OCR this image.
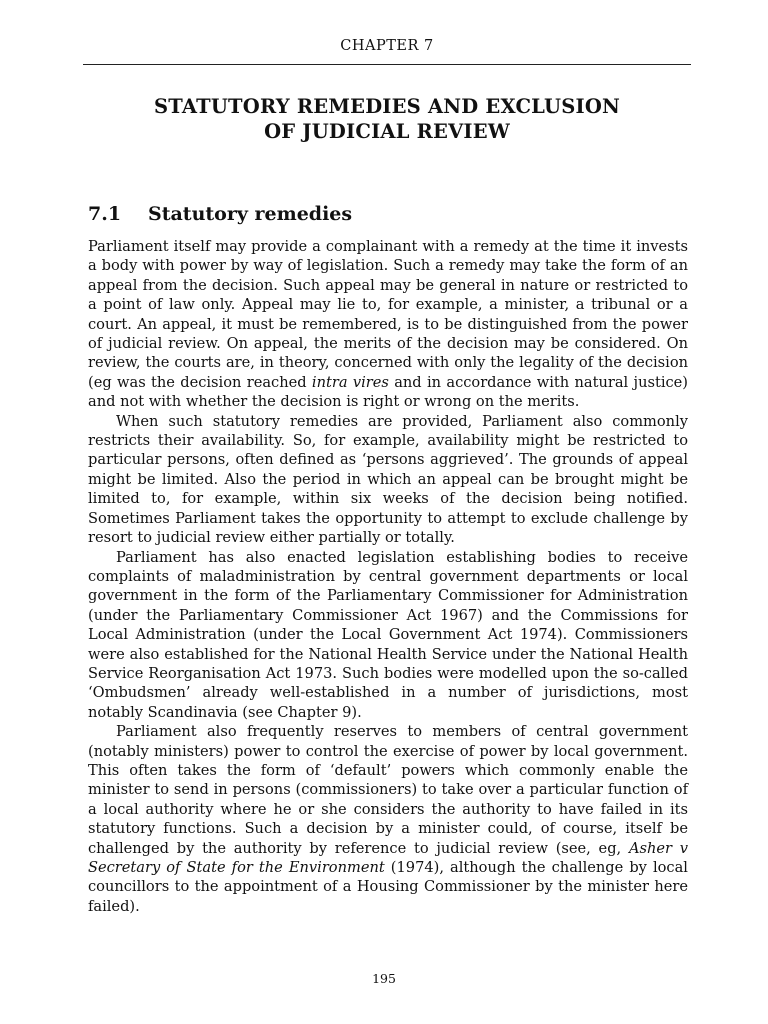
CHAPTER 7
STATUTORY REMEDIES AND EXCLUSION
OF JUDICIAL REVIEW
7.1 Statutory remedies

Parliament itself may provide a complainant with a remedy at the time it invests a body with power by way of legislation. Such a remedy may take the form of an appeal from the decision. Such appeal may be general in nature or restricted to a point of law only. Appeal may lie to, for example, a minister, a tribunal or a court. An appeal, it must be remembered, is to be distinguished from the power of judicial review. On appeal, the merits of the decision may be considered. On review, the courts are, in theory, concerned with only the legality of the decision (eg was the decision reached intra vires and in accordance with natural justice) and not with whether the decision is right or wrong on the merits.

When such statutory remedies are provided, Parliament also commonly restricts their availability. So, for example, availability might be restricted to particular persons, often defined as ‘persons aggrieved’. The grounds of appeal might be limited. Also the period in which an appeal can be brought might be limited to, for example, within six weeks of the decision being notified. Sometimes Parliament takes the opportunity to attempt to exclude challenge by resort to judicial review either partially or totally.

Parliament has also enacted legislation establishing bodies to receive complaints of maladministration by central government departments or local government in the form of the Parliamentary Commissioner for Administration (under the Parliamentary Commissioner Act 1967) and the Commissions for Local Administration (under the Local Government Act 1974). Commissioners were also established for the National Health Service under the National Health Service Reorganisation Act 1973. Such bodies were modelled upon the so-called ‘Ombudsmen’ already well-established in a number of jurisdictions, most notably Scandinavia (see Chapter 9).

Parliament also frequently reserves to members of central government (notably ministers) power to control the exercise of power by local government. This often takes the form of ‘default’ powers which commonly enable the minister to send in persons (commissioners) to take over a particular function of a local authority where he or she considers the authority to have failed in its statutory functions. Such a decision by a minister could, of course, itself be challenged by the authority by reference to judicial review (see, eg, Asher v Secretary of State for the Environment (1974), although the challenge by local councillors to the appointment of a Housing Commissioner by the minister here failed).

195
